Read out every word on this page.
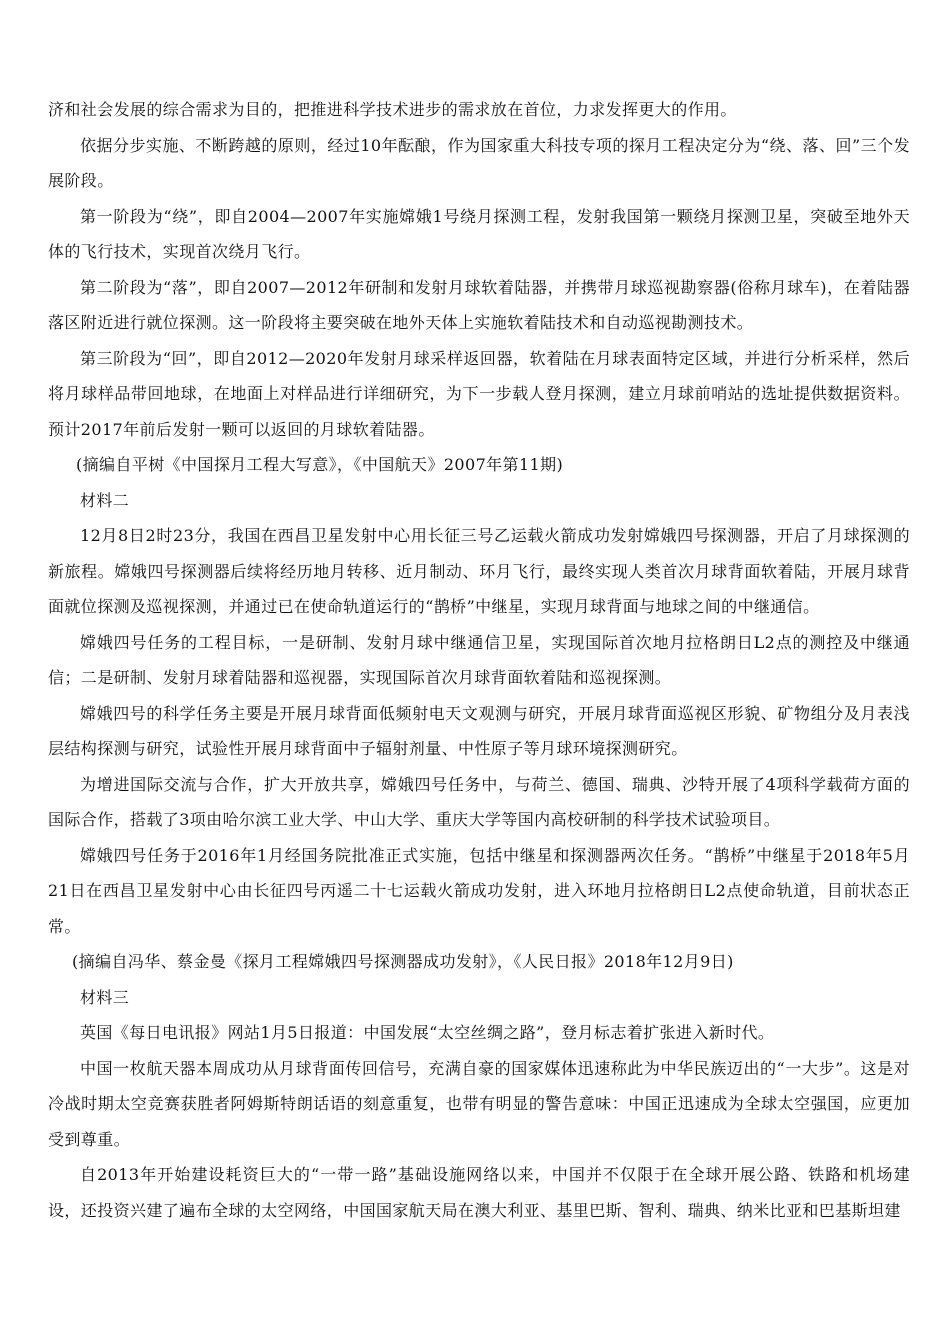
济和社会发展的综合需求为目的，把推进科学技术进步的需求放在首位，力求发挥更大的作用。

依据分步实施、不断跨越的原则，经过10年酝酿，作为国家重大科技专项的探月工程决定分为“绕、落、回”三个发展阶段。

第一阶段为“绕”，即自2004—2007年实施嫦娥1号绕月探测工程，发射我国第一颗绕月探测卫星，突破至地外天体的飞行技术，实现首次绕月飞行。

第二阶段为“落”，即自2007—2012年研制和发射月球软着陆器，并携带月球巡视勘察器(俗称月球车)，在着陆器落区附近进行就位探测。这一阶段将主要突破在地外天体上实施软着陆技术和自动巡视勘测技术。

第三阶段为“回”，即自2012—2020年发射月球采样返回器，软着陆在月球表面特定区域，并进行分析采样，然后将月球样品带回地球，在地面上对样品进行详细研究，为下一步载人登月探测，建立月球前哨站的选址提供数据资料。预计2017年前后发射一颗可以返回的月球软着陆器。

(摘编自平树《中国探月工程大写意》，《中国航天》2007年第11期)

材料二

12月8日2时23分，我国在西昌卫星发射中心用长征三号乙运载火箭成功发射嫦娥四号探测器，开启了月球探测的新旅程。嫦娥四号探测器后续将经历地月转移、近月制动、环月飞行，最终实现人类首次月球背面软着陆，开展月球背面就位探测及巡视探测，并通过已在使命轨道运行的“鹊桥”中继星，实现月球背面与地球之间的中继通信。

嫦娥四号任务的工程目标，一是研制、发射月球中继通信卫星，实现国际首次地月拉格朗日L2点的测控及中继通信；二是研制、发射月球着陆器和巡视器，实现国际首次月球背面软着陆和巡视探测。

嫦娥四号的科学任务主要是开展月球背面低频射电天文观测与研究，开展月球背面巡视区形貌、矿物组分及月表浅层结构探测与研究，试验性开展月球背面中子辐射剂量、中性原子等月球环境探测研究。

为增进国际交流与合作，扩大开放共享，嫦娥四号任务中，与荷兰、德国、瑞典、沙特开展了4项科学载荷方面的国际合作，搭载了3项由哈尔滨工业大学、中山大学、重庆大学等国内高校研制的科学技术试验项目。

嫦娥四号任务于2016年1月经国务院批准正式实施，包括中继星和探测器两次任务。“鹊桥”中继星于2018年5月21日在西昌卫星发射中心由长征四号丙遥二十七运载火箭成功发射，进入环地月拉格朗日L2点使命轨道，目前状态正常。

(摘编自冯华、蔡金曼《探月工程嫦娥四号探测器成功发射》，《人民日报》2018年12月9日)

材料三

英国《每日电讯报》网站1月5日报道：中国发展“太空丝绸之路”，登月标志着扩张进入新时代。

中国一枚航天器本周成功从月球背面传回信号，充满自豪的国家媒体迅速称此为中华民族迈出的“一大步”。这是对冷战时期太空竞赛获胜者阿姆斯特朗话语的刻意重复，也带有明显的警告意味：中国正迅速成为全球太空强国，应更加受到尊重。

自2013年开始建设耗资巨大的“一带一路”基础设施网络以来，中国并不仅限于在全球开展公路、铁路和机场建设，还投资兴建了遍布全球的太空网络，中国国家航天局在澳大利亚、基里巴斯、智利、瑞典、纳米比亚和巴基斯坦建
